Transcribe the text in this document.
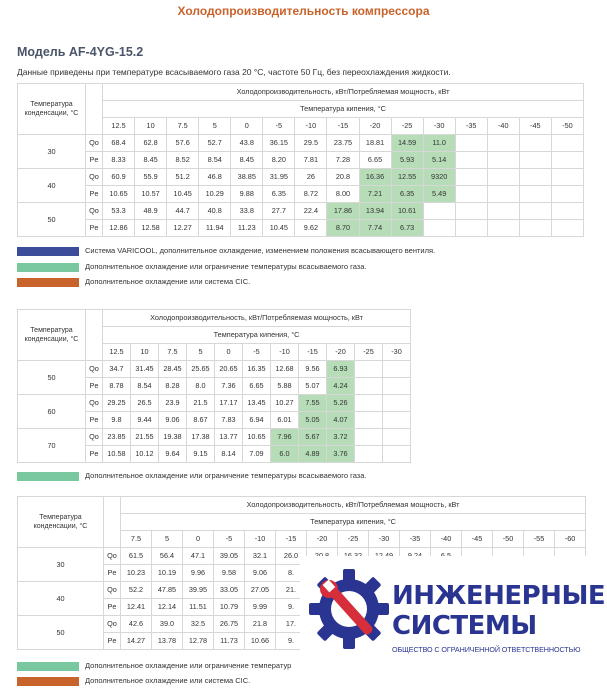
Холодопроизводительность компрессора
Модель AF-4YG-15.2
Данные приведены при температуре всасываемого газа 20 °С, частоте 50 Гц, без переохлаждения жидкости.
Температура конденсации, °С		Холодопроизводительность, кВт/Потребляемая мощность, кВт														
		Температура кипения, °С														
		12.5	10	7.5	5	0	-5	-10	-15	-20	-25	-30	-35	-40	-45	-50
30	Qo	68.4	62.8	57.6	52.7	43.8	36.15	29.5	23.75	18.81	14.59	11.0				
	Pe	8.33	8.45	8.52	8.54	8.45	8.20	7.81	7.28	6.65	5.93	5.14				
40	Qo	60.9	55.9	51.2	46.8	38.85	31.95	26	20.8	16.36	12.55	9320				
	Pe	10.65	10.57	10.45	10.29	9.88	6.35	8.72	8.00	7.21	6.35	5.49				
50	Qo	53.3	48.9	44.7	40.8	33.8	27.7	22.4	17.86	13.94	10.61					
	Pe	12.86	12.58	12.27	11.94	11.23	10.45	9.62	8.70	7.74	6.73					
Система VARICOOL, дополнительное охлаждение, изменением положения всасывающего вентиля.
Дополнительное охлаждение или ограничение температуры всасываемого газа.
Дополнительное охлаждение или система CIC.
Температура конденсации, °С		Холодопроизводительность, кВт/Потребляемая мощность, кВт										
		Температура кипения, °С										
		12.5	10	7.5	5	0	-5	-10	-15	-20	-25	-30
50	Qo	34.7	31.45	28.45	25.65	20.65	16.35	12.68	9.56	6.93		
	Pe	8.78	8.54	8.28	8.0	7.36	6.65	5.88	5.07	4.24		
60	Qo	29.25	26.5	23.9	21.5	17.17	13.45	10.27	7.55	5.26		
	Pe	9.8	9.44	9.06	8.67	7.83	6.94	6.01	5.05	4.07		
70	Qo	23.85	21.55	19.38	17.38	13.77	10.65	7.96	5.67	3.72		
	Pe	10.58	10.12	9.64	9.15	8.14	7.09	6.0	4.89	3.76		
Дополнительное охлаждение или ограничение температуры всасываемого газа.
Температура конденсации, °С		Холодопроизводительность, кВт/Потребляемая мощность, кВт														
		Температура кипения, °С														
		7.5	5	0	-5	-10	-15	-20	-25	-30	-35	-40	-45	-50	-55	-60
30	Qo	61.5	56.4	47.1	39.05	32.1	26.0									
	Pe	10.23	10.19	9.96	9.58	9.06	8.									
40	Qo	52.2	47.85	39.95	33.05	27.05	21.									
	Pe	12.41	12.14	11.51	10.79	9.99	9.									
50	Qo	42.6	39.0	32.5	26.75	21.8	17.									
	Pe	14.27	13.78	12.78	11.73	10.66	9.									
Дополнительное охлаждение или ограничение температур
Дополнительное охлаждение или система CIC.
ИНЖЕНЕРНЫЕ
СИСТЕМЫ
ОБЩЕСТВО С ОГРАНИЧЕННОЙ ОТВЕТСТВЕННОСТЬЮ
